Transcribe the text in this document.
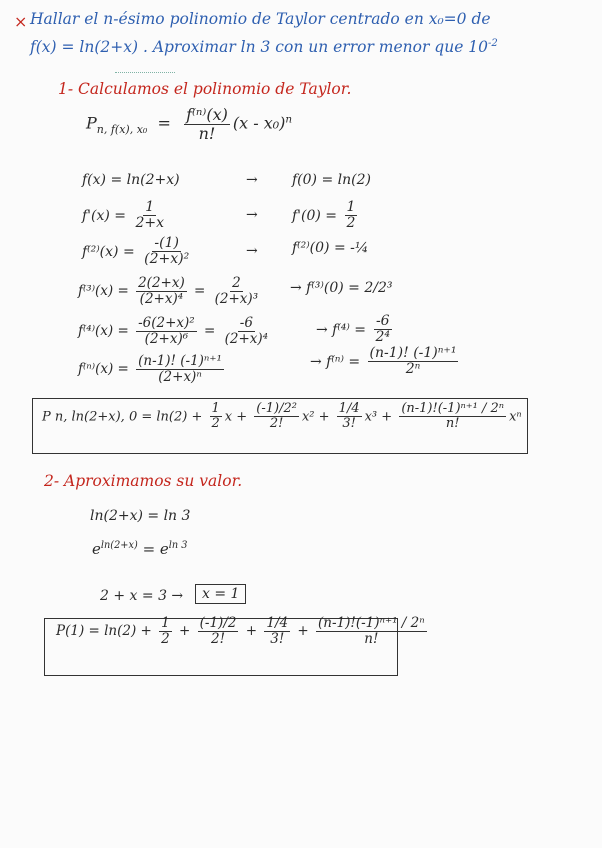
× Hallar el n-ésimo polinomio de Taylor centrado en x₀=0 de
f(x) = ln(2+x) . Aproximar ln 3 con un error menor que $10^{-2}$
1- Calculamos el polinomio de Taylor.
$P_{n, f(x), x_0} = \frac{\text{f⁽ⁿ⁾(x)}}{n!} (x - x_0)^n$
f(x) = ln(2+x)	→ f(0) = ln(2)
$f'(x) = \frac{1}{2+x}$	→ $f'(0) = \frac{1}{2}$
$f^{(2)}(x) = \frac{-(1)}{\text{(2+x)²}}$	→ f⁽²⁾(0) = -¼
$f^{(3)}(x) = \frac{2(2+x)}{\text{(2+x)⁴}} = \frac{2}{\text{(2+x)³}} \to f^{(3)}(0) = 2/2^3$
$f^{(4)}(x) = \frac{\text{-6(2+x)²}}{\text{(2+x)⁶}} = \frac{-6}{\text{(2+x)⁴}}$	→ $f^{(4)} = \frac{-6}{\text{2⁴}}$
$f^{(n)}(x) = \frac{\text{(n-1)! (-1)ⁿ⁺¹}}{\text{(2+x)ⁿ}}$	→ $f^{(n)} = \frac{\text{(n-1)! (-1)ⁿ⁺¹}}{\text{2ⁿ}}$
P n, ln(2+x), $0 = \ln(2) + \frac{1}{2}$ $x + \frac{\text{(-1)/2²}}{2!} x^2 + \frac{1/4}{3!} x^3 + \frac{\text{(n-1)!(-1)ⁿ⁺¹ / 2ⁿ}}{n!}$ xⁿ
2- Aproximamos su valor.
ln(2+x) = ln 3
$e^{ln(2+x)} = e^{ln 3}$
2 + x = 3 →	x = 1
$P(1) = \ln(2) + \frac{1}{2} + \frac{(-1)/2}{2!} + \frac{1/4}{3!} + \frac{\text{(n-1)!(-1)ⁿ⁺¹ / 2ⁿ}}{n!}$
